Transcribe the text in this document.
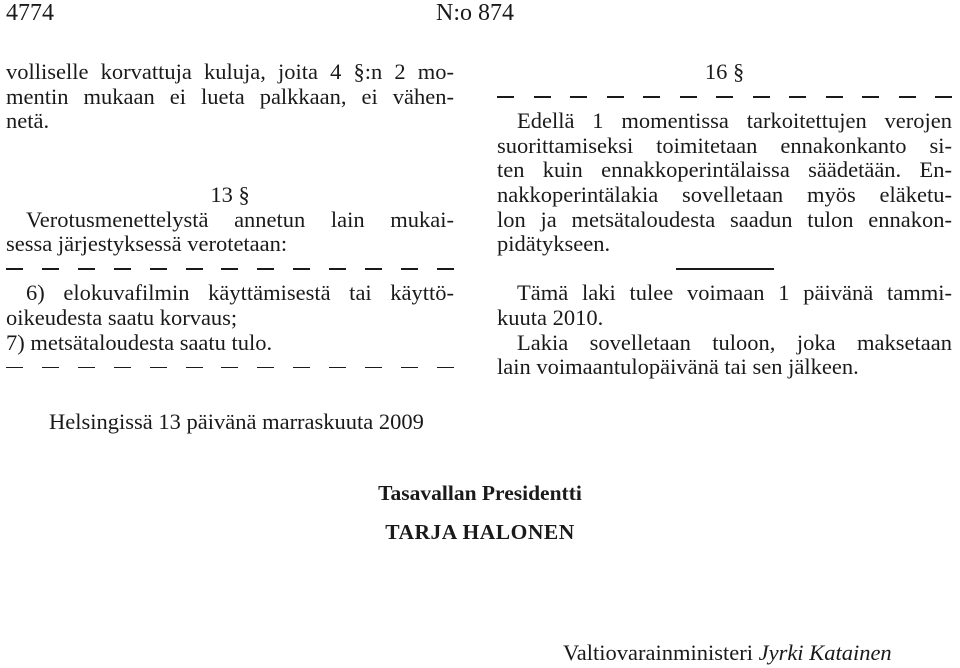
4774	N:o 874
volliselle korvattuja kuluja, joita 4 §:n 2 mo-
mentin mukaan ei lueta palkkaan, ei vähen-
netä.
13 §
Verotusmenettelystä annetun lain mukai-
sessa järjestyksessä verotetaan:
6) elokuvafilmin käyttämisestä tai käyttö-
oikeudesta saatu korvaus;
7) metsätaloudesta saatu tulo.
16 §
Edellä 1 momentissa tarkoitettujen verojen
suorittamiseksi toimitetaan ennakonkanto si-
ten kuin ennakkoperintälaissa säädetään. En-
nakkoperintälakia sovelletaan myös eläketu-
lon ja metsätaloudesta saadun tulon ennakon-
pidätykseen.
Tämä laki tulee voimaan 1 päivänä tammi-
kuuta 2010.
Lakia sovelletaan tuloon, joka maksetaan
lain voimaantulopäivänä tai sen jälkeen.
Helsingissä 13 päivänä marraskuuta 2009
Tasavallan Presidentti
TARJA HALONEN
Valtiovarainministeri Jyrki Katainen
